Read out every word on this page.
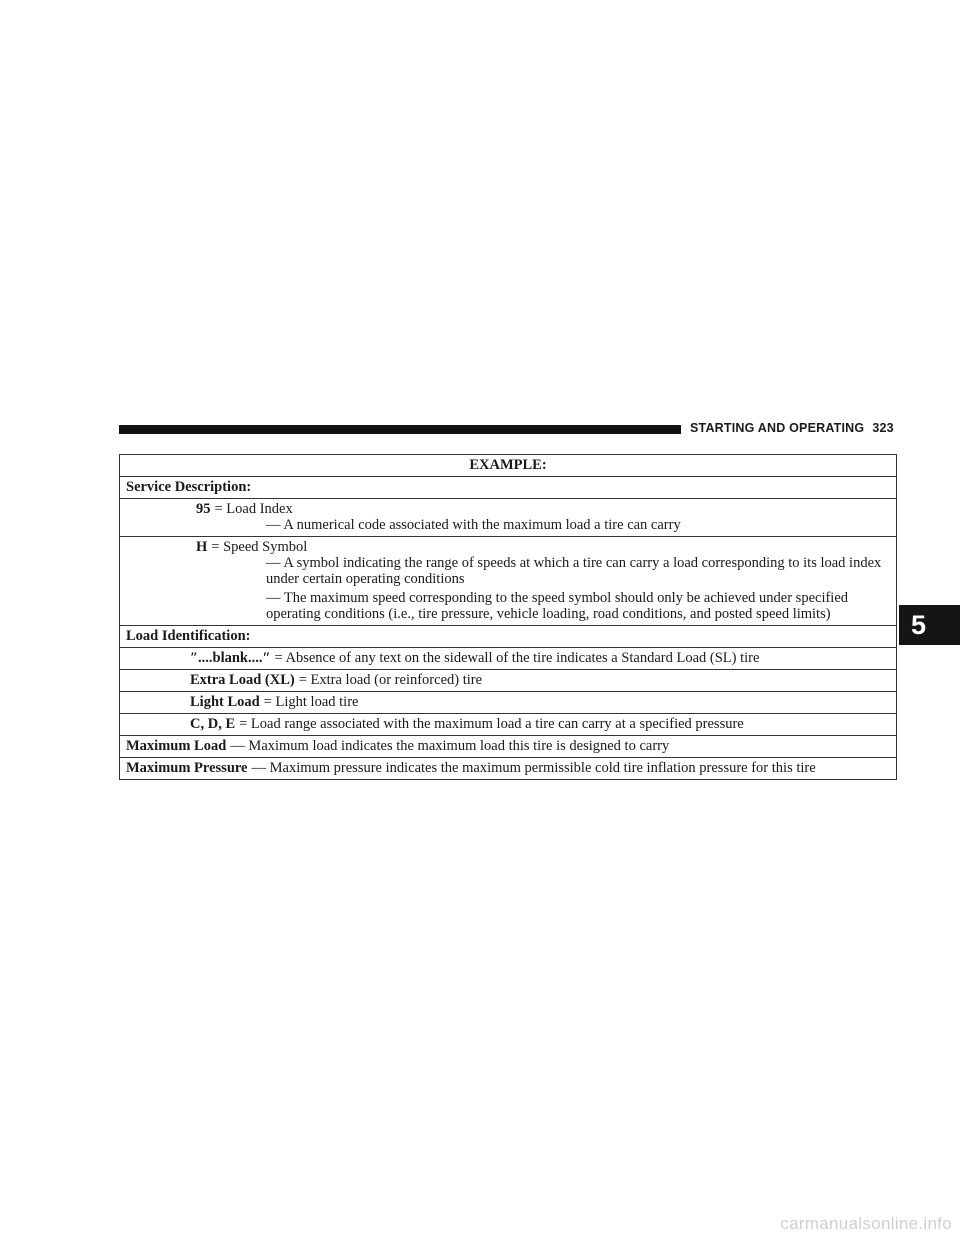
STARTING AND OPERATING 323
5
EXAMPLE:
Service Description:
95 = Load Index
— A numerical code associated with the maximum load a tire can carry
H = Speed Symbol
— A symbol indicating the range of speeds at which a tire can carry a load corresponding to its load index under certain operating conditions
— The maximum speed corresponding to the speed symbol should only be achieved under specified operating conditions (i.e., tire pressure, vehicle loading, road conditions, and posted speed limits)
Load Identification:
″....blank....″ = Absence of any text on the sidewall of the tire indicates a Standard Load (SL) tire
Extra Load (XL) = Extra load (or reinforced) tire
Light Load = Light load tire
C, D, E = Load range associated with the maximum load a tire can carry at a specified pressure
Maximum Load — Maximum load indicates the maximum load this tire is designed to carry
Maximum Pressure — Maximum pressure indicates the maximum permissible cold tire inflation pressure for this tire
carmanualsonline.info
